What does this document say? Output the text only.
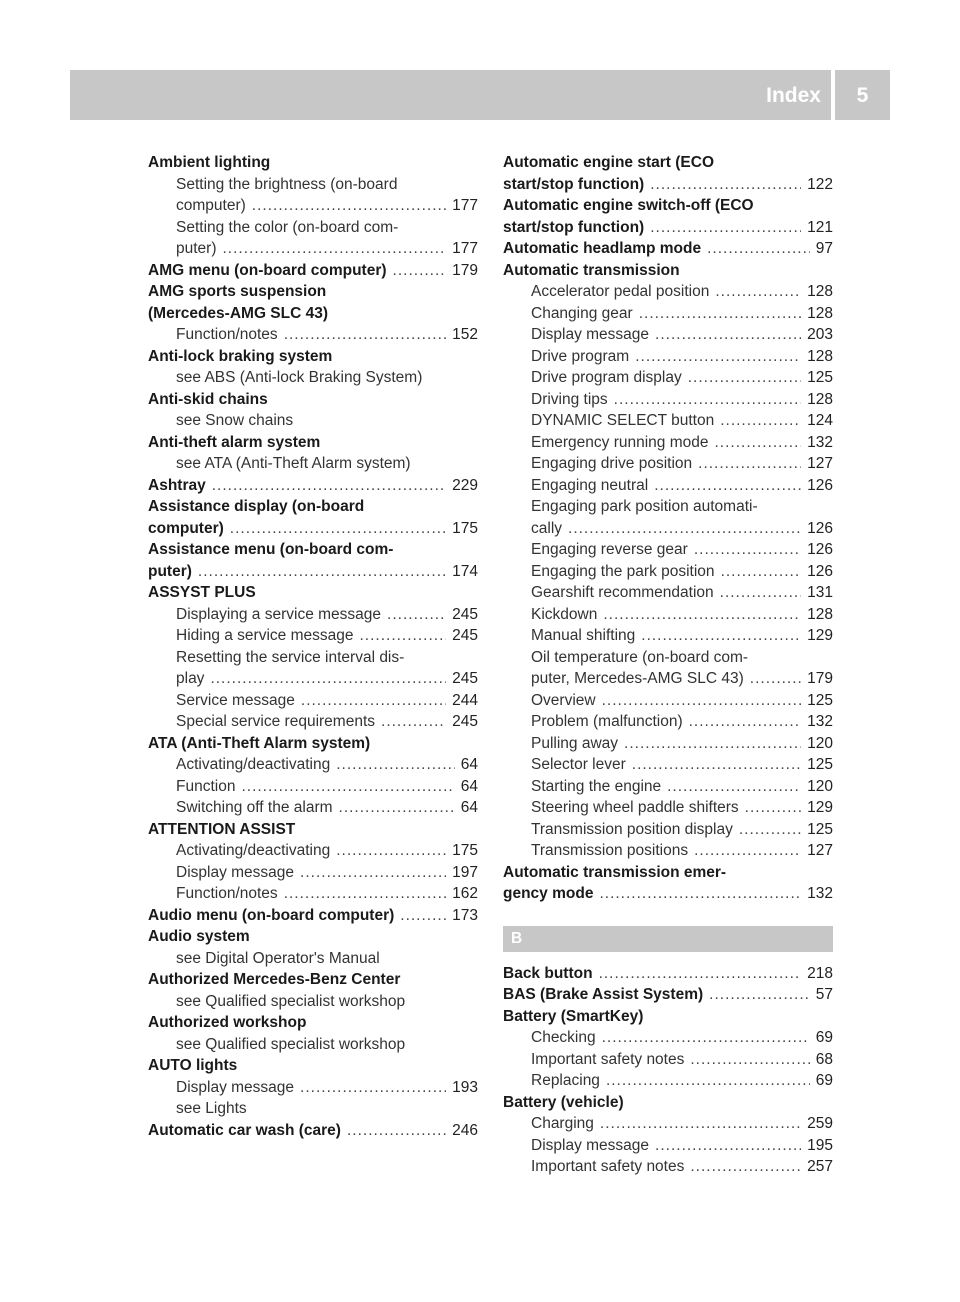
Index	5
Ambient lighting
Setting the brightness (on-board
computer) .....	177
Setting the color (on-board com-
puter) .....	177
AMG menu (on-board computer) .....	179
AMG sports suspension
(Mercedes-AMG SLC 43)
Function/notes .....	152
Anti-lock braking system
see ABS (Anti-lock Braking System)
Anti-skid chains
see Snow chains
Anti-theft alarm system
see ATA (Anti-Theft Alarm system)
Ashtray .....	229
Assistance display (on-board
computer) .....	175
Assistance menu (on-board com-
puter) .....	174
ASSYST PLUS
Displaying a service message .....	245
Hiding a service message .....	245
Resetting the service interval dis-
play .....	245
Service message .....	244
Special service requirements .....	245
ATA (Anti-Theft Alarm system)
Activating/deactivating .....	64
Function .....	64
Switching off the alarm .....	64
ATTENTION ASSIST
Activating/deactivating .....	175
Display message .....	197
Function/notes .....	162
Audio menu (on-board computer) .....	173
Audio system
see Digital Operator's Manual
Authorized Mercedes-Benz Center
see Qualified specialist workshop
Authorized workshop
see Qualified specialist workshop
AUTO lights
Display message .....	193
see Lights
Automatic car wash (care) .....	246
Automatic engine start (ECO
start/stop function) .....	122
Automatic engine switch-off (ECO
start/stop function) .....	121
Automatic headlamp mode .....	97
Automatic transmission
Accelerator pedal position .....	128
Changing gear .....	128
Display message .....	203
Drive program .....	128
Drive program display .....	125
Driving tips .....	128
DYNAMIC SELECT button .....	124
Emergency running mode .....	132
Engaging drive position .....	127
Engaging neutral .....	126
Engaging park position automati-
cally .....	126
Engaging reverse gear .....	126
Engaging the park position .....	126
Gearshift recommendation .....	131
Kickdown .....	128
Manual shifting .....	129
Oil temperature (on-board com-
puter, Mercedes-AMG SLC 43) .....	179
Overview .....	125
Problem (malfunction) .....	132
Pulling away .....	120
Selector lever .....	125
Starting the engine .....	120
Steering wheel paddle shifters .....	129
Transmission position display .....	125
Transmission positions .....	127
Automatic transmission emer-
gency mode .....	132
B
Back button .....	218
BAS (Brake Assist System) .....	57
Battery (SmartKey)
Checking .....	69
Important safety notes .....	68
Replacing .....	69
Battery (vehicle)
Charging .....	259
Display message .....	195
Important safety notes .....	257
